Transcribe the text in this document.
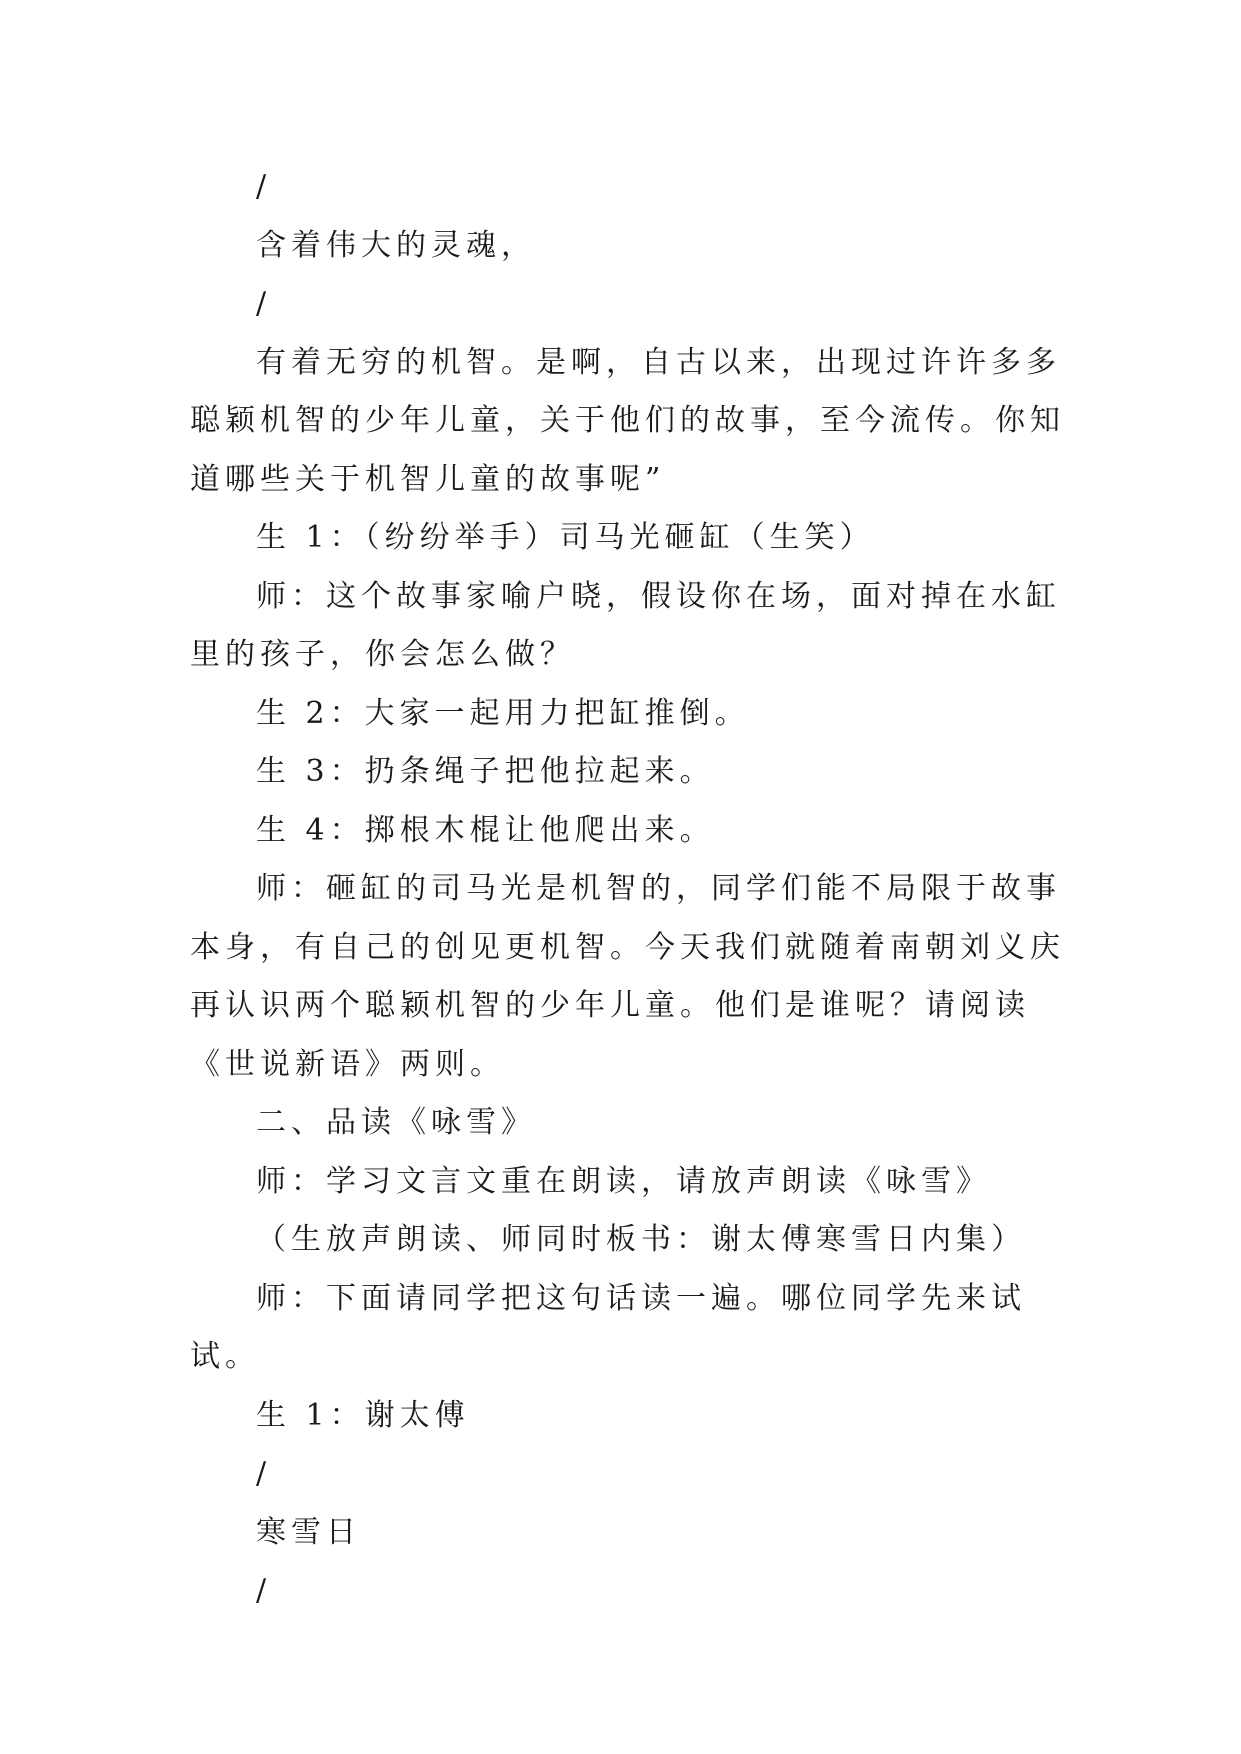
/

含着伟大的灵魂，

/

有着无穷的机智。是啊，自古以来，出现过许许多多聪颖机智的少年儿童，关于他们的故事，至今流传。你知道哪些关于机智儿童的故事呢”

生 1：（纷纷举手）司马光砸缸（生笑）

师：这个故事家喻户晓，假设你在场，面对掉在水缸里的孩子，你会怎么做？

生 2：大家一起用力把缸推倒。

生 3：扔条绳子把他拉起来。

生 4：掷根木棍让他爬出来。

师：砸缸的司马光是机智的，同学们能不局限于故事本身，有自己的创见更机智。今天我们就随着南朝刘义庆再认识两个聪颖机智的少年儿童。他们是谁呢？请阅读《世说新语》两则。

二、品读《咏雪》

师：学习文言文重在朗读，请放声朗读《咏雪》

（生放声朗读、师同时板书：谢太傅寒雪日内集）

师：下面请同学把这句话读一遍。哪位同学先来试试。

生 1：谢太傅

/

寒雪日

/
